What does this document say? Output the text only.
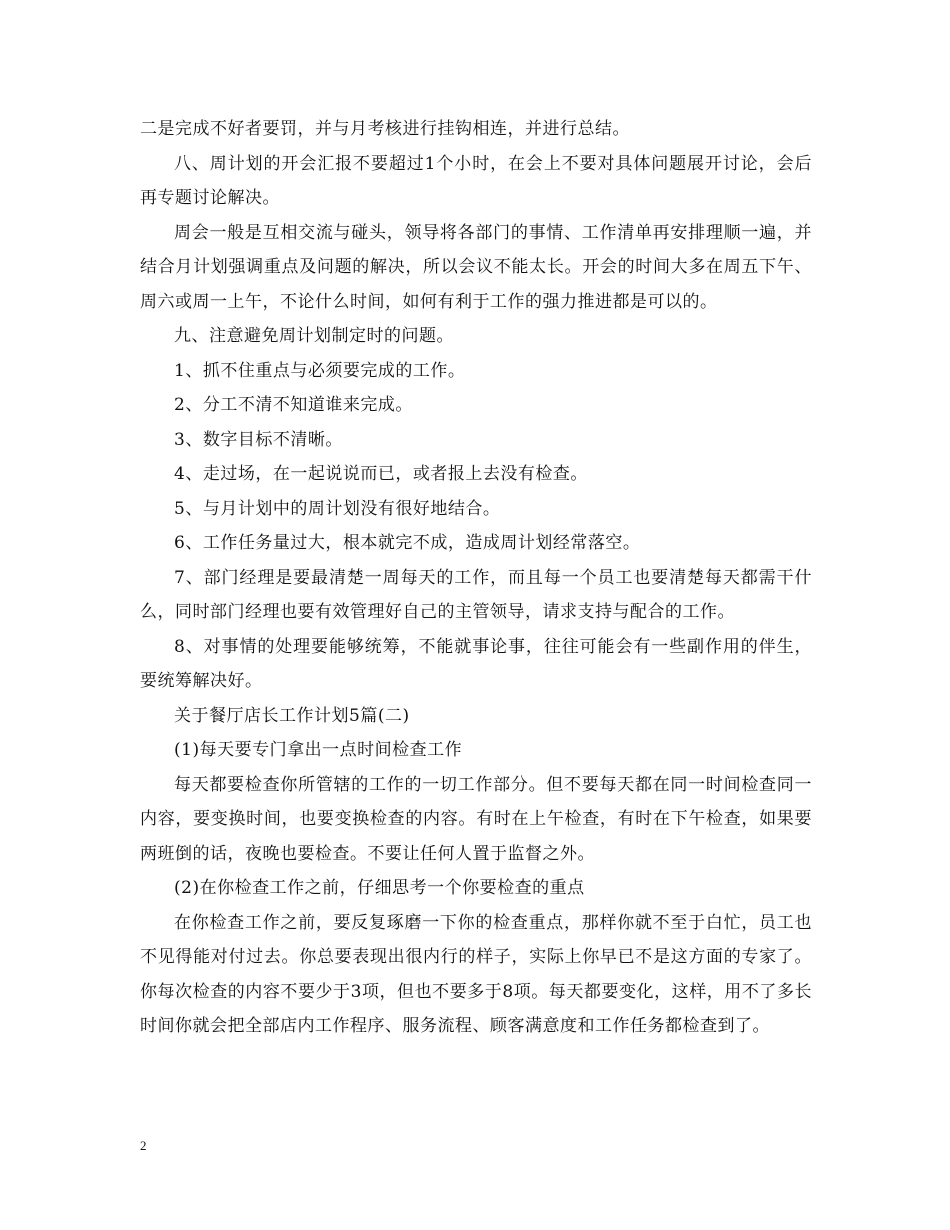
二是完成不好者要罚，并与月考核进行挂钩相连，并进行总结。

八、周计划的开会汇报不要超过1个小时，在会上不要对具体问题展开讨论，会后再专题讨论解决。

周会一般是互相交流与碰头，领导将各部门的事情、工作清单再安排理顺一遍，并结合月计划强调重点及问题的解决，所以会议不能太长。开会的时间大多在周五下午、周六或周一上午，不论什么时间，如何有利于工作的强力推进都是可以的。

九、注意避免周计划制定时的问题。

1、抓不住重点与必须要完成的工作。

2、分工不清不知道谁来完成。

3、数字目标不清晰。

4、走过场，在一起说说而已，或者报上去没有检查。

5、与月计划中的周计划没有很好地结合。

6、工作任务量过大，根本就完不成，造成周计划经常落空。

7、部门经理是要最清楚一周每天的工作，而且每一个员工也要清楚每天都需干什么，同时部门经理也要有效管理好自己的主管领导，请求支持与配合的工作。

8、对事情的处理要能够统筹，不能就事论事，往往可能会有一些副作用的伴生，要统筹解决好。

关于餐厅店长工作计划5篇(二)

(1)每天要专门拿出一点时间检查工作

每天都要检查你所管辖的工作的一切工作部分。但不要每天都在同一时间检查同一内容，要变换时间，也要变换检查的内容。有时在上午检查，有时在下午检查，如果要两班倒的话，夜晚也要检查。不要让任何人置于监督之外。

(2)在你检查工作之前，仔细思考一个你要检查的重点

在你检查工作之前，要反复琢磨一下你的检查重点，那样你就不至于白忙，员工也不见得能对付过去。你总要表现出很内行的样子，实际上你早已不是这方面的专家了。你每次检查的内容不要少于3项，但也不要多于8项。每天都要变化，这样，用不了多长时间你就会把全部店内工作程序、服务流程、顾客满意度和工作任务都检查到了。

2
